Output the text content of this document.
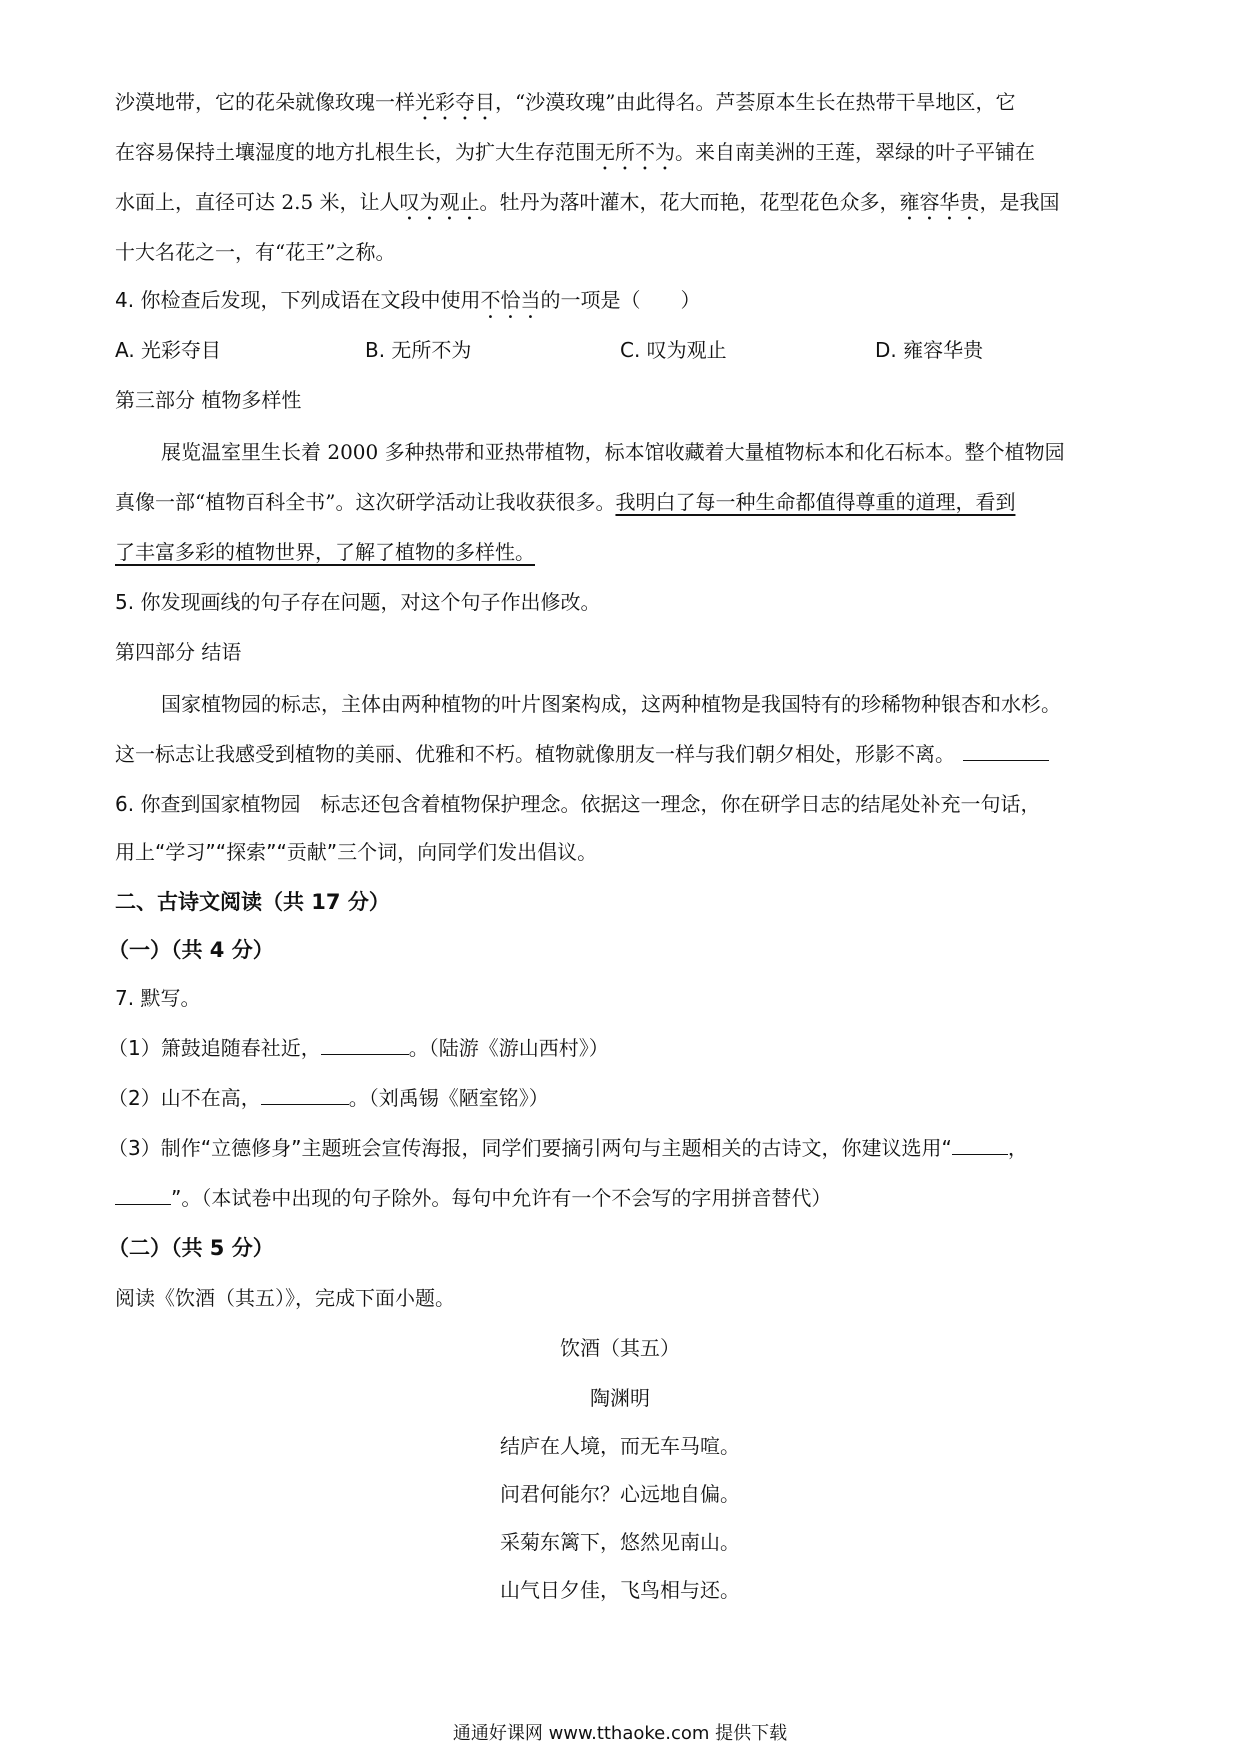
沙漠地带，它的花朵就像玫瑰一样光彩夺目，“沙漠玫瑰”由此得名。芦荟原本生长在热带干旱地区，它
在容易保持土壤湿度的地方扎根生长，为扩大生存范围无所不为。来自南美洲的王莲，翠绿的叶子平铺在
水面上，直径可达 2.5 米，让人叹为观止。牡丹为落叶灌木，花大而艳，花型花色众多，雍容华贵，是我国
十大名花之一，有“花王”之称。
4. 你检查后发现，下列成语在文段中使用不恰当的一项是（　　）
A. 光彩夺目	B. 无所不为	C. 叹为观止	D. 雍容华贵
第三部分 植物多样性
展览温室里生长着 2000 多种热带和亚热带植物，标本馆收藏着大量植物标本和化石标本。整个植物园
真像一部“植物百科全书”。这次研学活动让我收获很多。我明白了每一种生命都值得尊重的道理，看到
了丰富多彩的植物世界，了解了植物的多样性。
5. 你发现画线的句子存在问题，对这个句子作出修改。
第四部分 结语
国家植物园的标志，主体由两种植物的叶片图案构成，这两种植物是我国特有的珍稀物种银杏和水杉。
这一标志让我感受到植物的美丽、优雅和不朽。植物就像朋友一样与我们朝夕相处，形影不离。
6. 你查到国家植物园　标志还包含着植物保护理念。依据这一理念，你在研学日志的结尾处补充一句话，
用上“学习”“探索”“贡献”三个词，向同学们发出倡议。
二、古诗文阅读（共 17 分）
（一）（共 4 分）
7. 默写。
（1）箫鼓追随春社近，	。（陆游《游山西村》）
（2）山不在高，	。（刘禹锡《陋室铭》）
（3）制作“立德修身”主题班会宣传海报，同学们要摘引两句与主题相关的古诗文，你建议选用“	，
”。（本试卷中出现的句子除外。每句中允许有一个不会写的字用拼音替代）
（二）（共 5 分）
阅读《饮酒（其五）》，完成下面小题。
饮酒（其五）
陶渊明
结庐在人境，而无车马喧。
问君何能尔？心远地自偏。
采菊东篱下，悠然见南山。
山气日夕佳，飞鸟相与还。
通通好课网 www.tthaoke.com 提供下载
